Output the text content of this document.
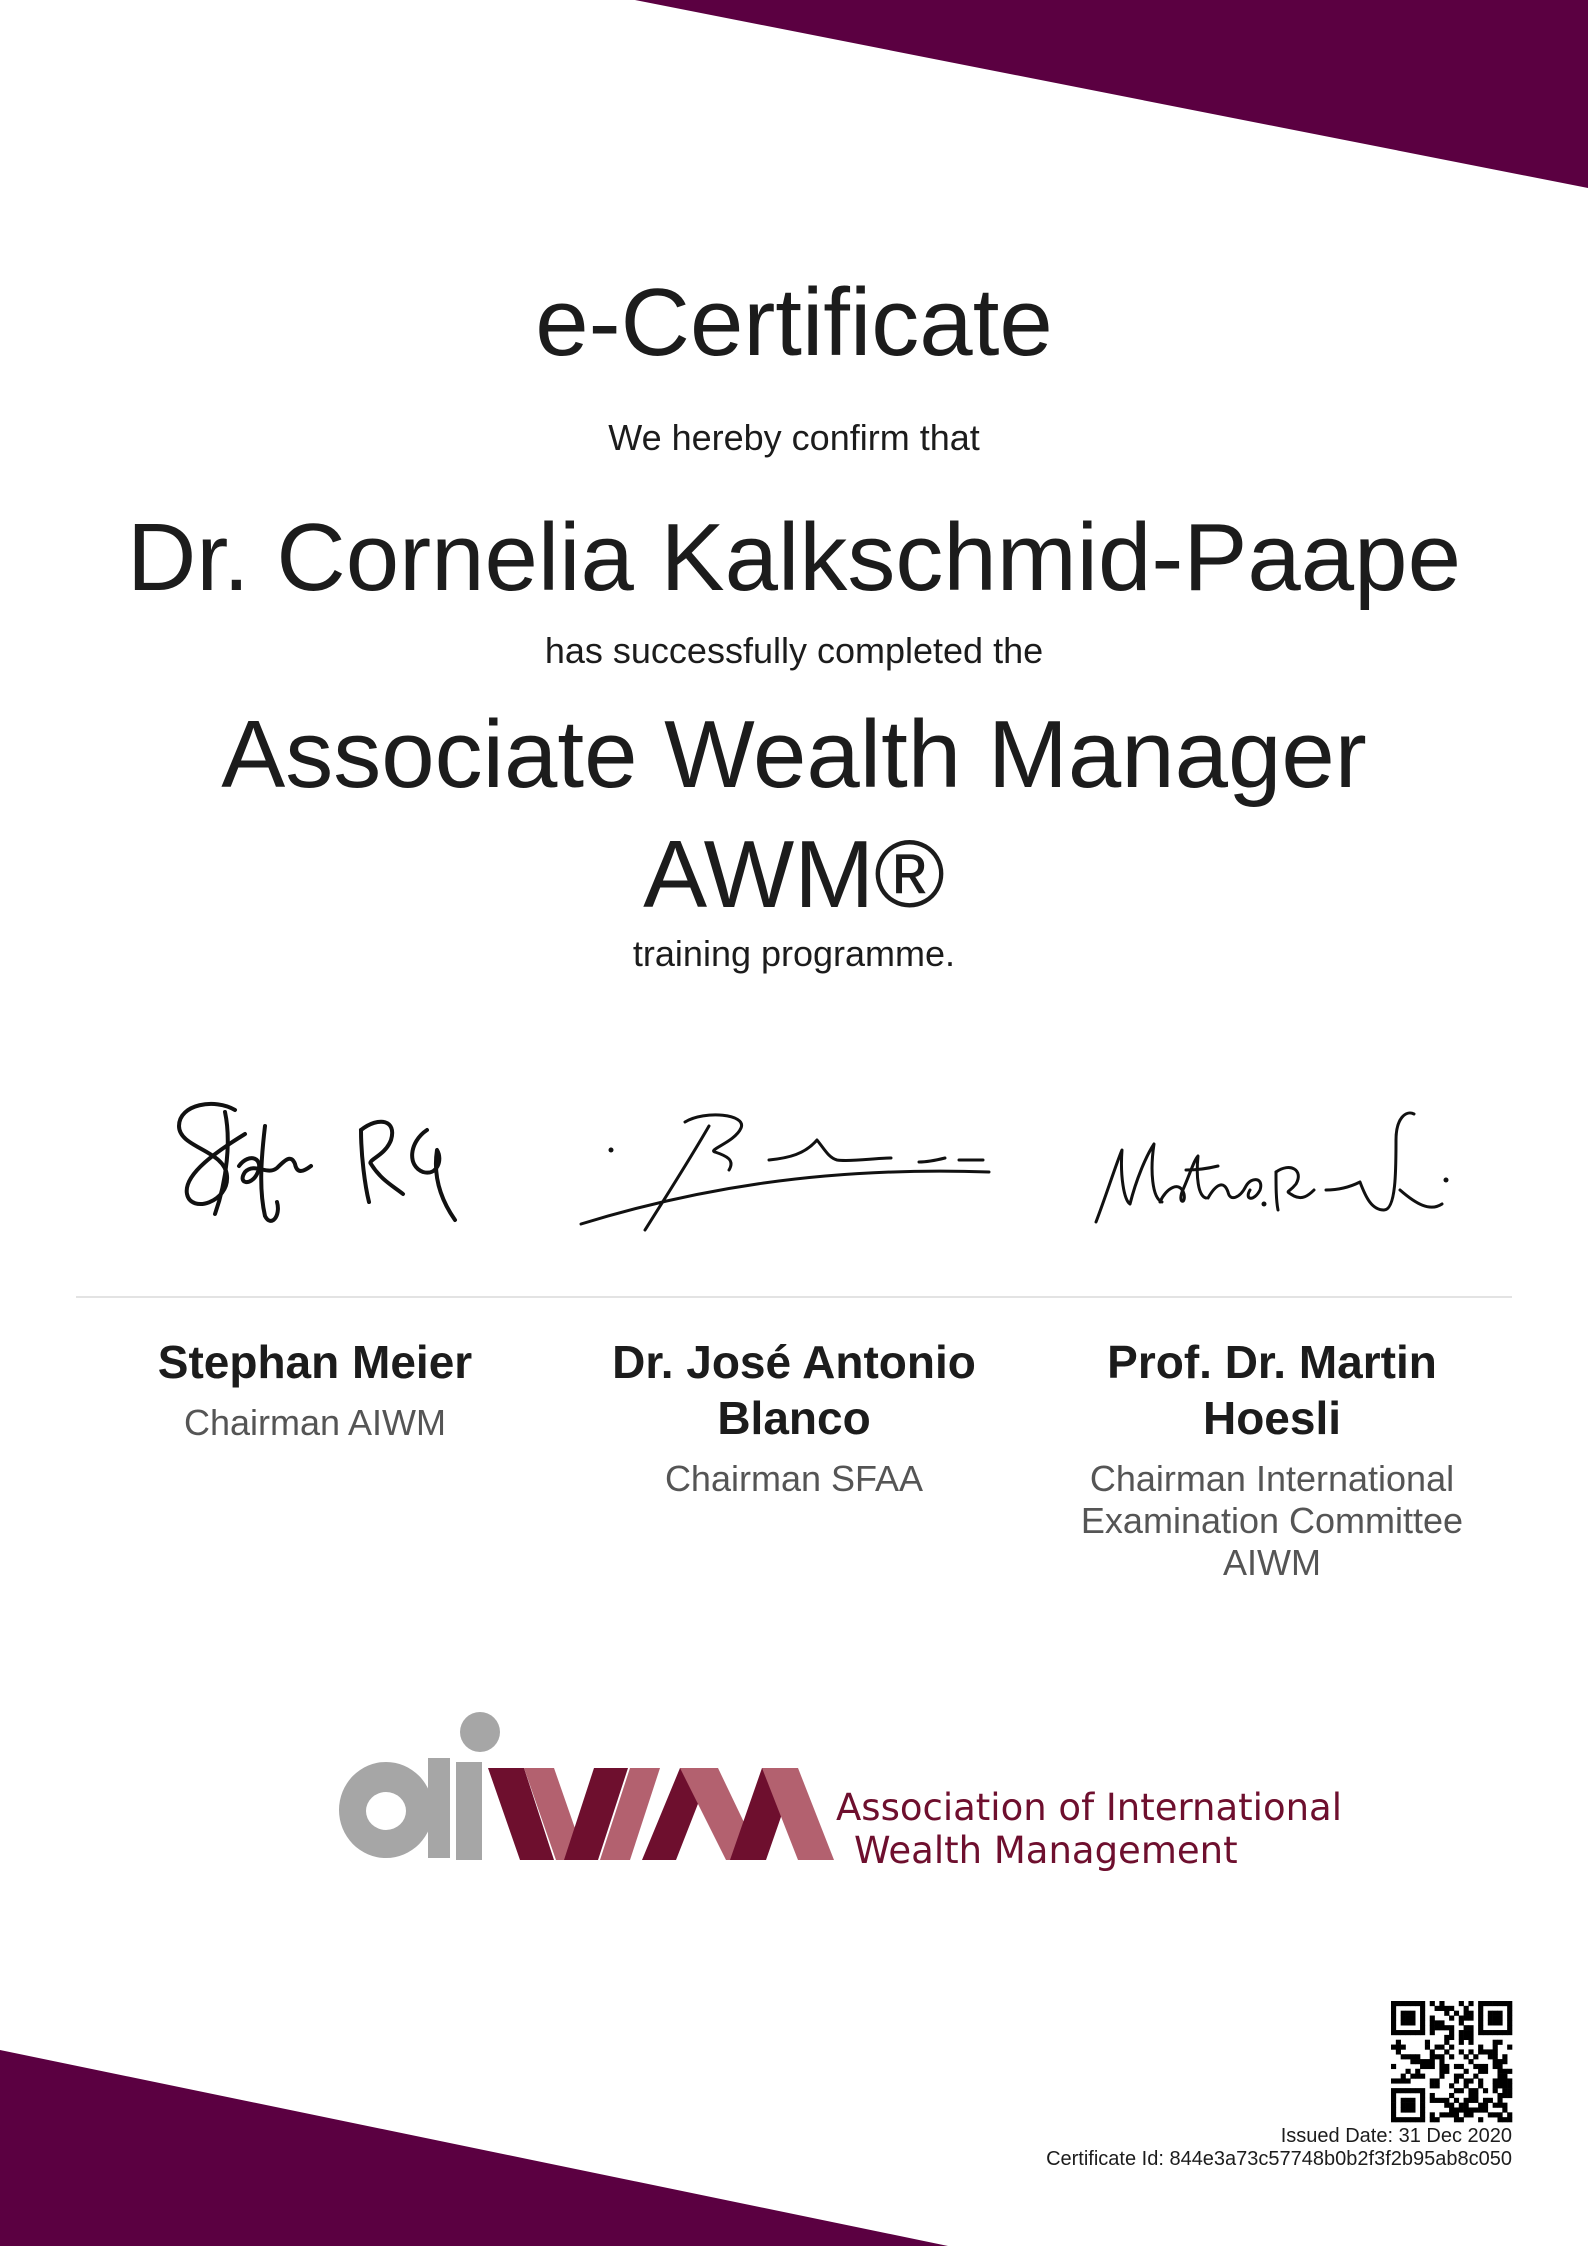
e-Certificate
We hereby confirm that
Dr. Cornelia Kalkschmid-Paape
has successfully completed the
Associate Wealth Manager AWM®
training programme.
Stephan Meier
Chairman AIWM
Dr. José Antonio Blanco
Chairman SFAA
Prof. Dr. Martin Hoesli
Chairman International Examination Committee AIWM
Association of International
Wealth Management
Issued Date: 31 Dec 2020
Certificate Id: 844e3a73c57748b0b2f3f2b95ab8c050
